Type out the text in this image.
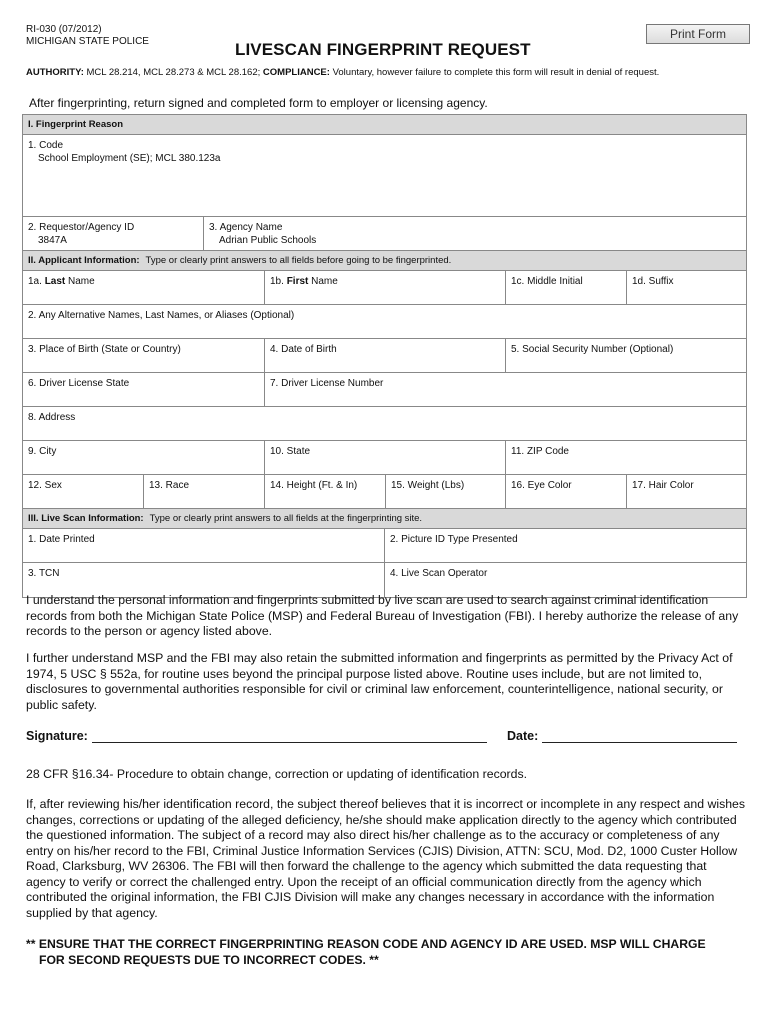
RI-030 (07/2012)
MICHIGAN STATE POLICE
Print Form
LIVESCAN FINGERPRINT REQUEST
AUTHORITY: MCL 28.214, MCL 28.273 & MCL 28.162; COMPLIANCE: Voluntary, however failure to complete this form will result in denial of request.
After fingerprinting, return signed and completed form to employer or licensing agency.
I. Fingerprint Reason
1. Code
School Employment (SE); MCL 380.123a
2. Requestor/Agency ID
3847A
3. Agency Name
Adrian Public Schools
II. Applicant Information: Type or clearly print answers to all fields before going to be fingerprinted.
1a. Last Name	1b. First Name	1c. Middle Initial	1d. Suffix
2. Any Alternative Names, Last Names, or Aliases (Optional)
3. Place of Birth (State or Country)	4. Date of Birth	5. Social Security Number (Optional)
6. Driver License State	7. Driver License Number
8. Address
9. City	10. State	11. ZIP Code
12. Sex	13. Race	14. Height (Ft. & In)	15. Weight (Lbs)	16. Eye Color	17. Hair Color
III. Live Scan Information: Type or clearly print answers to all fields at the fingerprinting site.
1. Date Printed	2. Picture ID Type Presented
3. TCN	4. Live Scan Operator
I understand the personal information and fingerprints submitted by live scan are used to search against criminal identification records from both the Michigan State Police (MSP) and Federal Bureau of Investigation (FBI). I hereby authorize the release of any records to the person or agency listed above.
I further understand MSP and the FBI may also retain the submitted information and fingerprints as permitted by the Privacy Act of 1974, 5 USC § 552a, for routine uses beyond the principal purpose listed above. Routine uses include, but are not limited to, disclosures to governmental authorities responsible for civil or criminal law enforcement, counterintelligence, national security, or public safety.
Signature:	Date:
28 CFR §16.34- Procedure to obtain change, correction or updating of identification records.
If, after reviewing his/her identification record, the subject thereof believes that it is incorrect or incomplete in any respect and wishes changes, corrections or updating of the alleged deficiency, he/she should make application directly to the agency which contributed the questioned information. The subject of a record may also direct his/her challenge as to the accuracy or completeness of any entry on his/her record to the FBI, Criminal Justice Information Services (CJIS) Division, ATTN: SCU, Mod. D2, 1000 Custer Hollow Road, Clarksburg, WV 26306. The FBI will then forward the challenge to the agency which submitted the data requesting that agency to verify or correct the challenged entry. Upon the receipt of an official communication directly from the agency which contributed the original information, the FBI CJIS Division will make any changes necessary in accordance with the information supplied by that agency.
** ENSURE THAT THE CORRECT FINGERPRINTING REASON CODE AND AGENCY ID ARE USED. MSP WILL CHARGE
FOR SECOND REQUESTS DUE TO INCORRECT CODES. **
